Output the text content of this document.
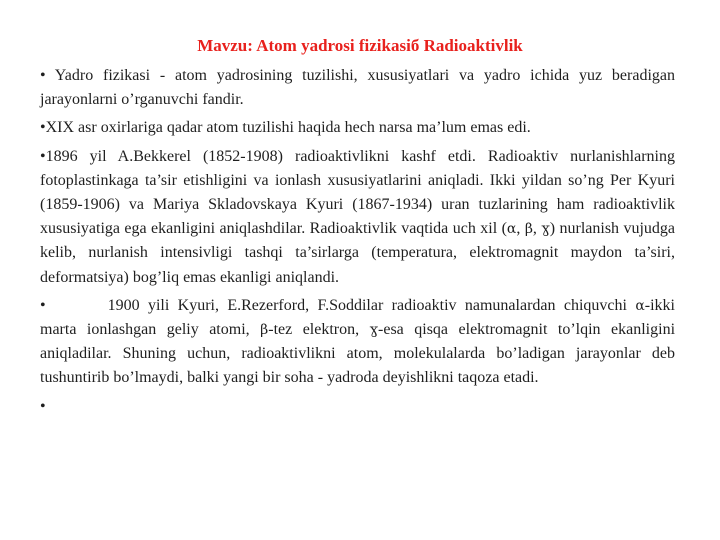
Mavzu: Atom yadrosi fizikasiб Radioaktivlik

• Yadro fizikasi - atom yadrosining tuzilishi, xususiyatlari va yadro ichida yuz beradigan jarayonlarni o’rganuvchi fandir.

•XIX asr oxirlariga qadar atom tuzilishi haqida hech narsa ma’lum emas edi.

•1896 yil A.Bekkerel (1852-1908) radioaktivlikni kashf etdi. Radioaktiv nurlanishlarning fotoplastinkaga ta’sir etishligini va ionlash xususiyatlarini aniqladi. Ikki yildan so’ng Per Kyuri (1859-1906) va Mariya Skladovskaya Kyuri (1867-1934) uran tuzlarining ham radioaktivlik xususiyatiga ega ekanligini aniqlashdilar. Radioaktivlik vaqtida uch xil (α, β, ɣ) nurlanish vujudga kelib, nurlanish intensivligi tashqi ta’sirlarga (temperatura, elektromagnit maydon ta’siri, deformatsiya) bog’liq emas ekanligi aniqlandi.

•	1900 yili Kyuri, E.Rezerford, F.Soddilar radioaktiv namunalardan chiquvchi α-ikki marta ionlashgan geliy atomi, β-tez elektron, ɣ-esa qisqa elektromagnit to’lqin ekanligini aniqladilar. Shuning uchun, radioaktivlikni atom, molekulalarda bo’ladigan jarayonlar deb tushuntirib bo’lmaydi, balki yangi bir soha - yadroda deyishlikni taqoza etadi.

•
